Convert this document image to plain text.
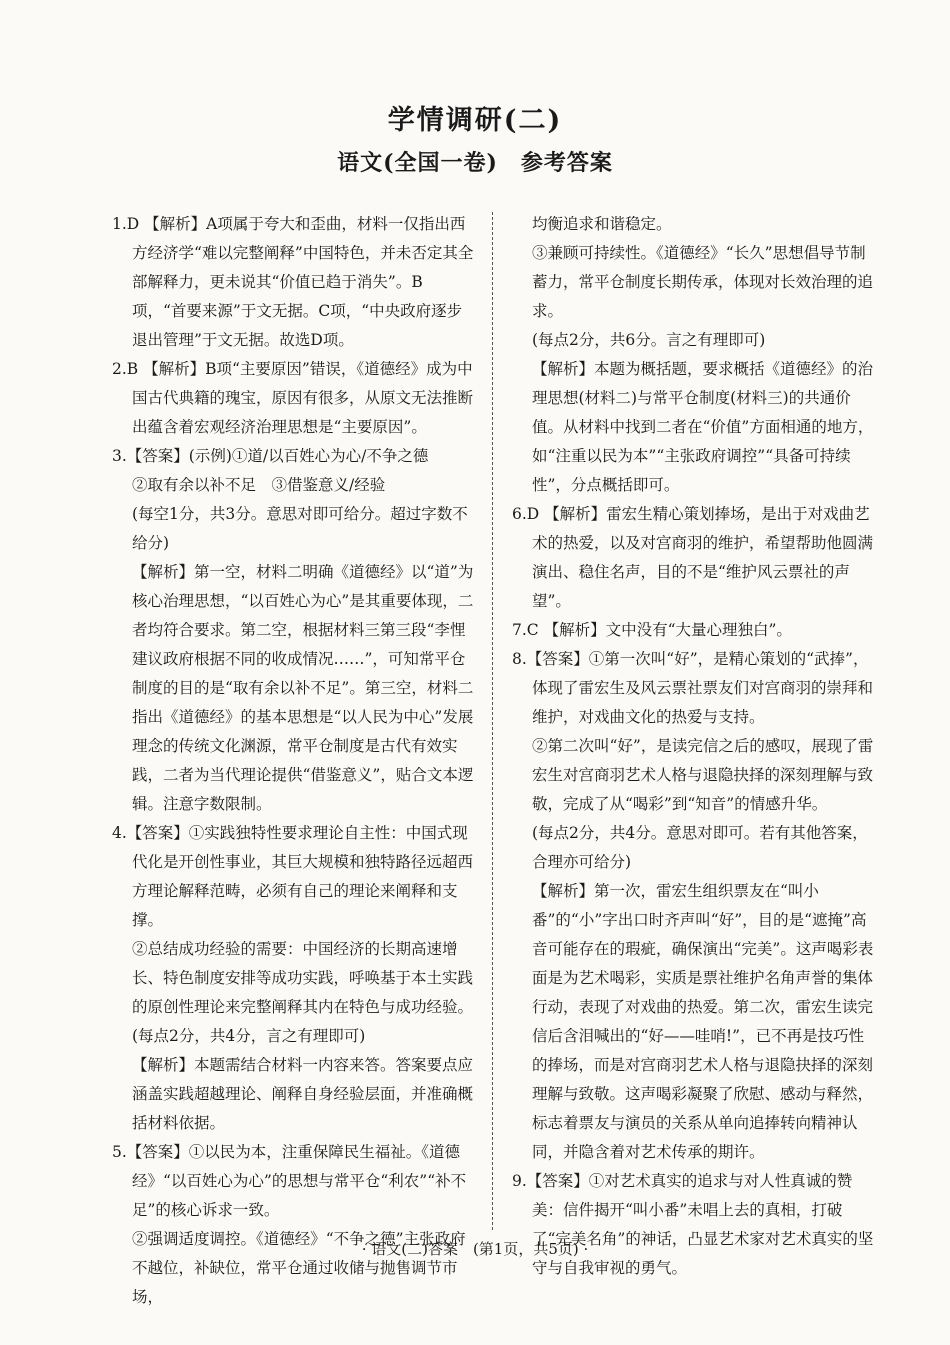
学情调研(二)
语文(全国一卷)　参考答案

1.D 【解析】A项属于夸大和歪曲，材料一仅指出西方经济学“难以完整阐释”中国特色，并未否定其全部解释力，更未说其“价值已趋于消失”。B项，“首要来源”于文无据。C项，“中央政府逐步退出管理”于文无据。故选D项。

2.B 【解析】B项“主要原因”错误，《道德经》成为中国古代典籍的瑰宝，原因有很多，从原文无法推断出蕴含着宏观经济治理思想是“主要原因”。

3.【答案】(示例)①道/以百姓心为心/不争之德

②取有余以补不足　③借鉴意义/经验

(每空1分，共3分。意思对即可给分。超过字数不给分)

【解析】第一空，材料二明确《道德经》以“道”为核心治理思想，“以百姓心为心”是其重要体现，二者均符合要求。第二空，根据材料三第三段“李悝建议政府根据不同的收成情况……”，可知常平仓制度的目的是“取有余以补不足”。第三空，材料二指出《道德经》的基本思想是“以人民为中心”发展理念的传统文化渊源，常平仓制度是古代有效实践，二者为当代理论提供“借鉴意义”，贴合文本逻辑。注意字数限制。

4.【答案】①实践独特性要求理论自主性：中国式现代化是开创性事业，其巨大规模和独特路径远超西方理论解释范畴，必须有自己的理论来阐释和支撑。

②总结成功经验的需要：中国经济的长期高速增长、特色制度安排等成功实践，呼唤基于本土实践的原创性理论来完整阐释其内在特色与成功经验。

(每点2分，共4分，言之有理即可)

【解析】本题需结合材料一内容来答。答案要点应涵盖实践超越理论、阐释自身经验层面，并准确概括材料依据。

5.【答案】①以民为本，注重保障民生福祉。《道德经》“以百姓心为心”的思想与常平仓“利农”“补不足”的核心诉求一致。

②强调适度调控。《道德经》“不争之德”主张政府不越位，补缺位，常平仓通过收储与抛售调节市场，

均衡追求和谐稳定。

③兼顾可持续性。《道德经》“长久”思想倡导节制蓄力，常平仓制度长期传承，体现对长效治理的追求。

(每点2分，共6分。言之有理即可)

【解析】本题为概括题，要求概括《道德经》的治理思想(材料二)与常平仓制度(材料三)的共通价值。从材料中找到二者在“价值”方面相通的地方，如“注重以民为本”“主张政府调控”“具备可持续性”，分点概括即可。

6.D 【解析】雷宏生精心策划捧场，是出于对戏曲艺术的热爱，以及对宫商羽的维护，希望帮助他圆满演出、稳住名声，目的不是“维护风云票社的声望”。

7.C 【解析】文中没有“大量心理独白”。

8.【答案】①第一次叫“好”，是精心策划的“武捧”，体现了雷宏生及风云票社票友们对宫商羽的崇拜和维护，对戏曲文化的热爱与支持。

②第二次叫“好”，是读完信之后的感叹，展现了雷宏生对宫商羽艺术人格与退隐抉择的深刻理解与致敬，完成了从“喝彩”到“知音”的情感升华。

(每点2分，共4分。意思对即可。若有其他答案，合理亦可给分)

【解析】第一次，雷宏生组织票友在“叫小番”的“小”字出口时齐声叫“好”，目的是“遮掩”高音可能存在的瑕疵，确保演出“完美”。这声喝彩表面是为艺术喝彩，实质是票社维护名角声誉的集体行动，表现了对戏曲的热爱。第二次，雷宏生读完信后含泪喊出的“好——哇哨!”，已不再是技巧性的捧场，而是对宫商羽艺术人格与退隐抉择的深刻理解与致敬。这声喝彩凝聚了欣慰、感动与释然，标志着票友与演员的关系从单向追捧转向精神认同，并隐含着对艺术传承的期许。

9.【答案】①对艺术真实的追求与对人性真诚的赞美：信件揭开“叫小番”未唱上去的真相，打破了“完美名角”的神话，凸显艺术家对艺术真实的坚守与自我审视的勇气。

· 语文(二)答案　(第1页，共5页) ·
